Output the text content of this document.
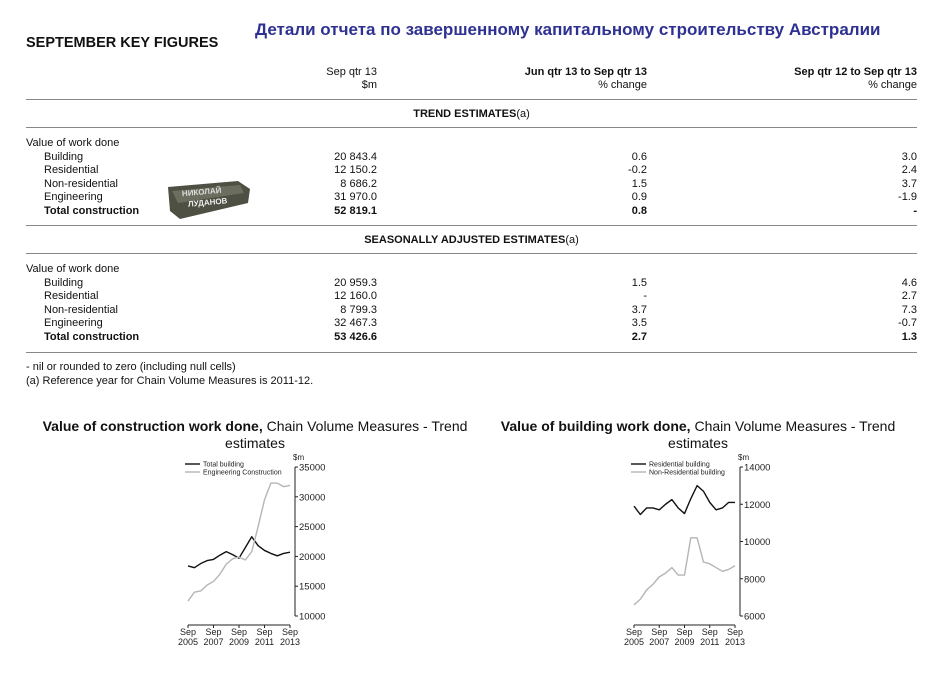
Детали отчета по завершенному капитальному строительству Австралии
SEPTEMBER KEY FIGURES
Sep qtr 13
$m
Jun qtr 13 to Sep qtr 13
% change
Sep qtr 12 to Sep qtr 13
% change
TREND ESTIMATES(a)
Value of work done
Building	20 843.4	0.6	3.0
Residential	12 150.2	-0.2	2.4
Non-residential	8 686.2	1.5	3.7
Engineering	31 970.0	0.9	-1.9
Total construction	52 819.1	0.8	-
SEASONALLY ADJUSTED ESTIMATES(a)
Value of work done
Building	20 959.3	1.5	4.6
Residential	12 160.0	-	2.7
Non-residential	8 799.3	3.7	7.3
Engineering	32 467.3	3.5	-0.7
Total construction	53 426.6	2.7	1.3
- nil or rounded to zero (including null cells)
(a) Reference year for Chain Volume Measures is 2011-12.
НИКОЛАЙ
ЛУДАНОВ
Value of construction work done, Chain Volume Measures - Trend
estimates
Value of building work done, Chain Volume Measures - Trend
estimates
$m
10000
15000
20000
25000
30000
35000
Sep
2005
Sep
2007
Sep
2009
Sep
2011
Sep
2013
Total building
Engineering Construction
$m
6000
8000
10000
12000
14000
Sep
2005
Sep
2007
Sep
2009
Sep
2011
Sep
2013
Residential building
Non-Residential building
